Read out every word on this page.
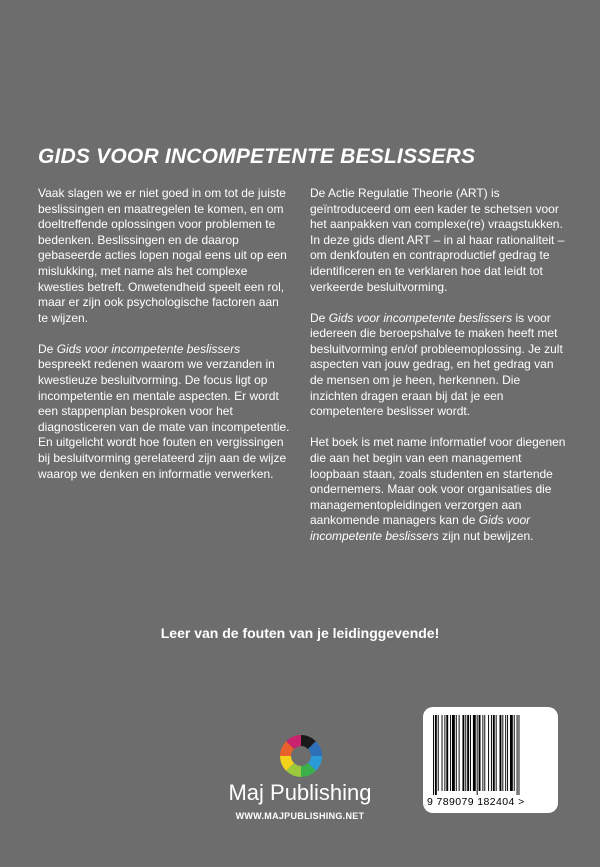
GIDS VOOR INCOMPETENTE BESLISSERS

Vaak slagen we er niet goed in om tot de juiste beslissingen en maatregelen te komen, en om doeltreffende oplossingen voor problemen te bedenken. Beslissingen en de daarop gebaseerde acties lopen nogal eens uit op een mislukking, met name als het complexe kwesties betreft. Onwetendheid speelt een rol, maar er zijn ook psychologische factoren aan te wijzen.

De Gids voor incompetente beslissers bespreekt redenen waarom we verzanden in kwestieuze besluitvorming. De focus ligt op incompetentie en mentale aspecten. Er wordt een stappenplan besproken voor het diagnosticeren van de mate van incompetentie. En uitgelicht wordt hoe fouten en vergissingen bij besluitvorming gerelateerd zijn aan de wijze waarop we denken en informatie verwerken.

De Actie Regulatie Theorie (ART) is geïntroduceerd om een kader te schetsen voor het aanpakken van complexe(re) vraagstukken. In deze gids dient ART – in al haar rationaliteit – om denkfouten en contraproductief gedrag te identificeren en te verklaren hoe dat leidt tot verkeerde besluitvorming.

De Gids voor incompetente beslissers is voor iedereen die beroepshalve te maken heeft met besluitvorming en/of probleemoplossing. Je zult aspecten van jouw gedrag, en het gedrag van de mensen om je heen, herkennen. Die inzichten dragen eraan bij dat je een competentere beslisser wordt.

Het boek is met name informatief voor diegenen die aan het begin van een management loopbaan staan, zoals studenten en startende ondernemers. Maar ook voor organisaties die managementopleidingen verzorgen aan aankomende managers kan de Gids voor incompetente beslissers zijn nut bewijzen.

Leer van de fouten van je leidinggevende!
Maj Publishing
WWW.MAJPUBLISHING.NET
9 789079 182404 >
